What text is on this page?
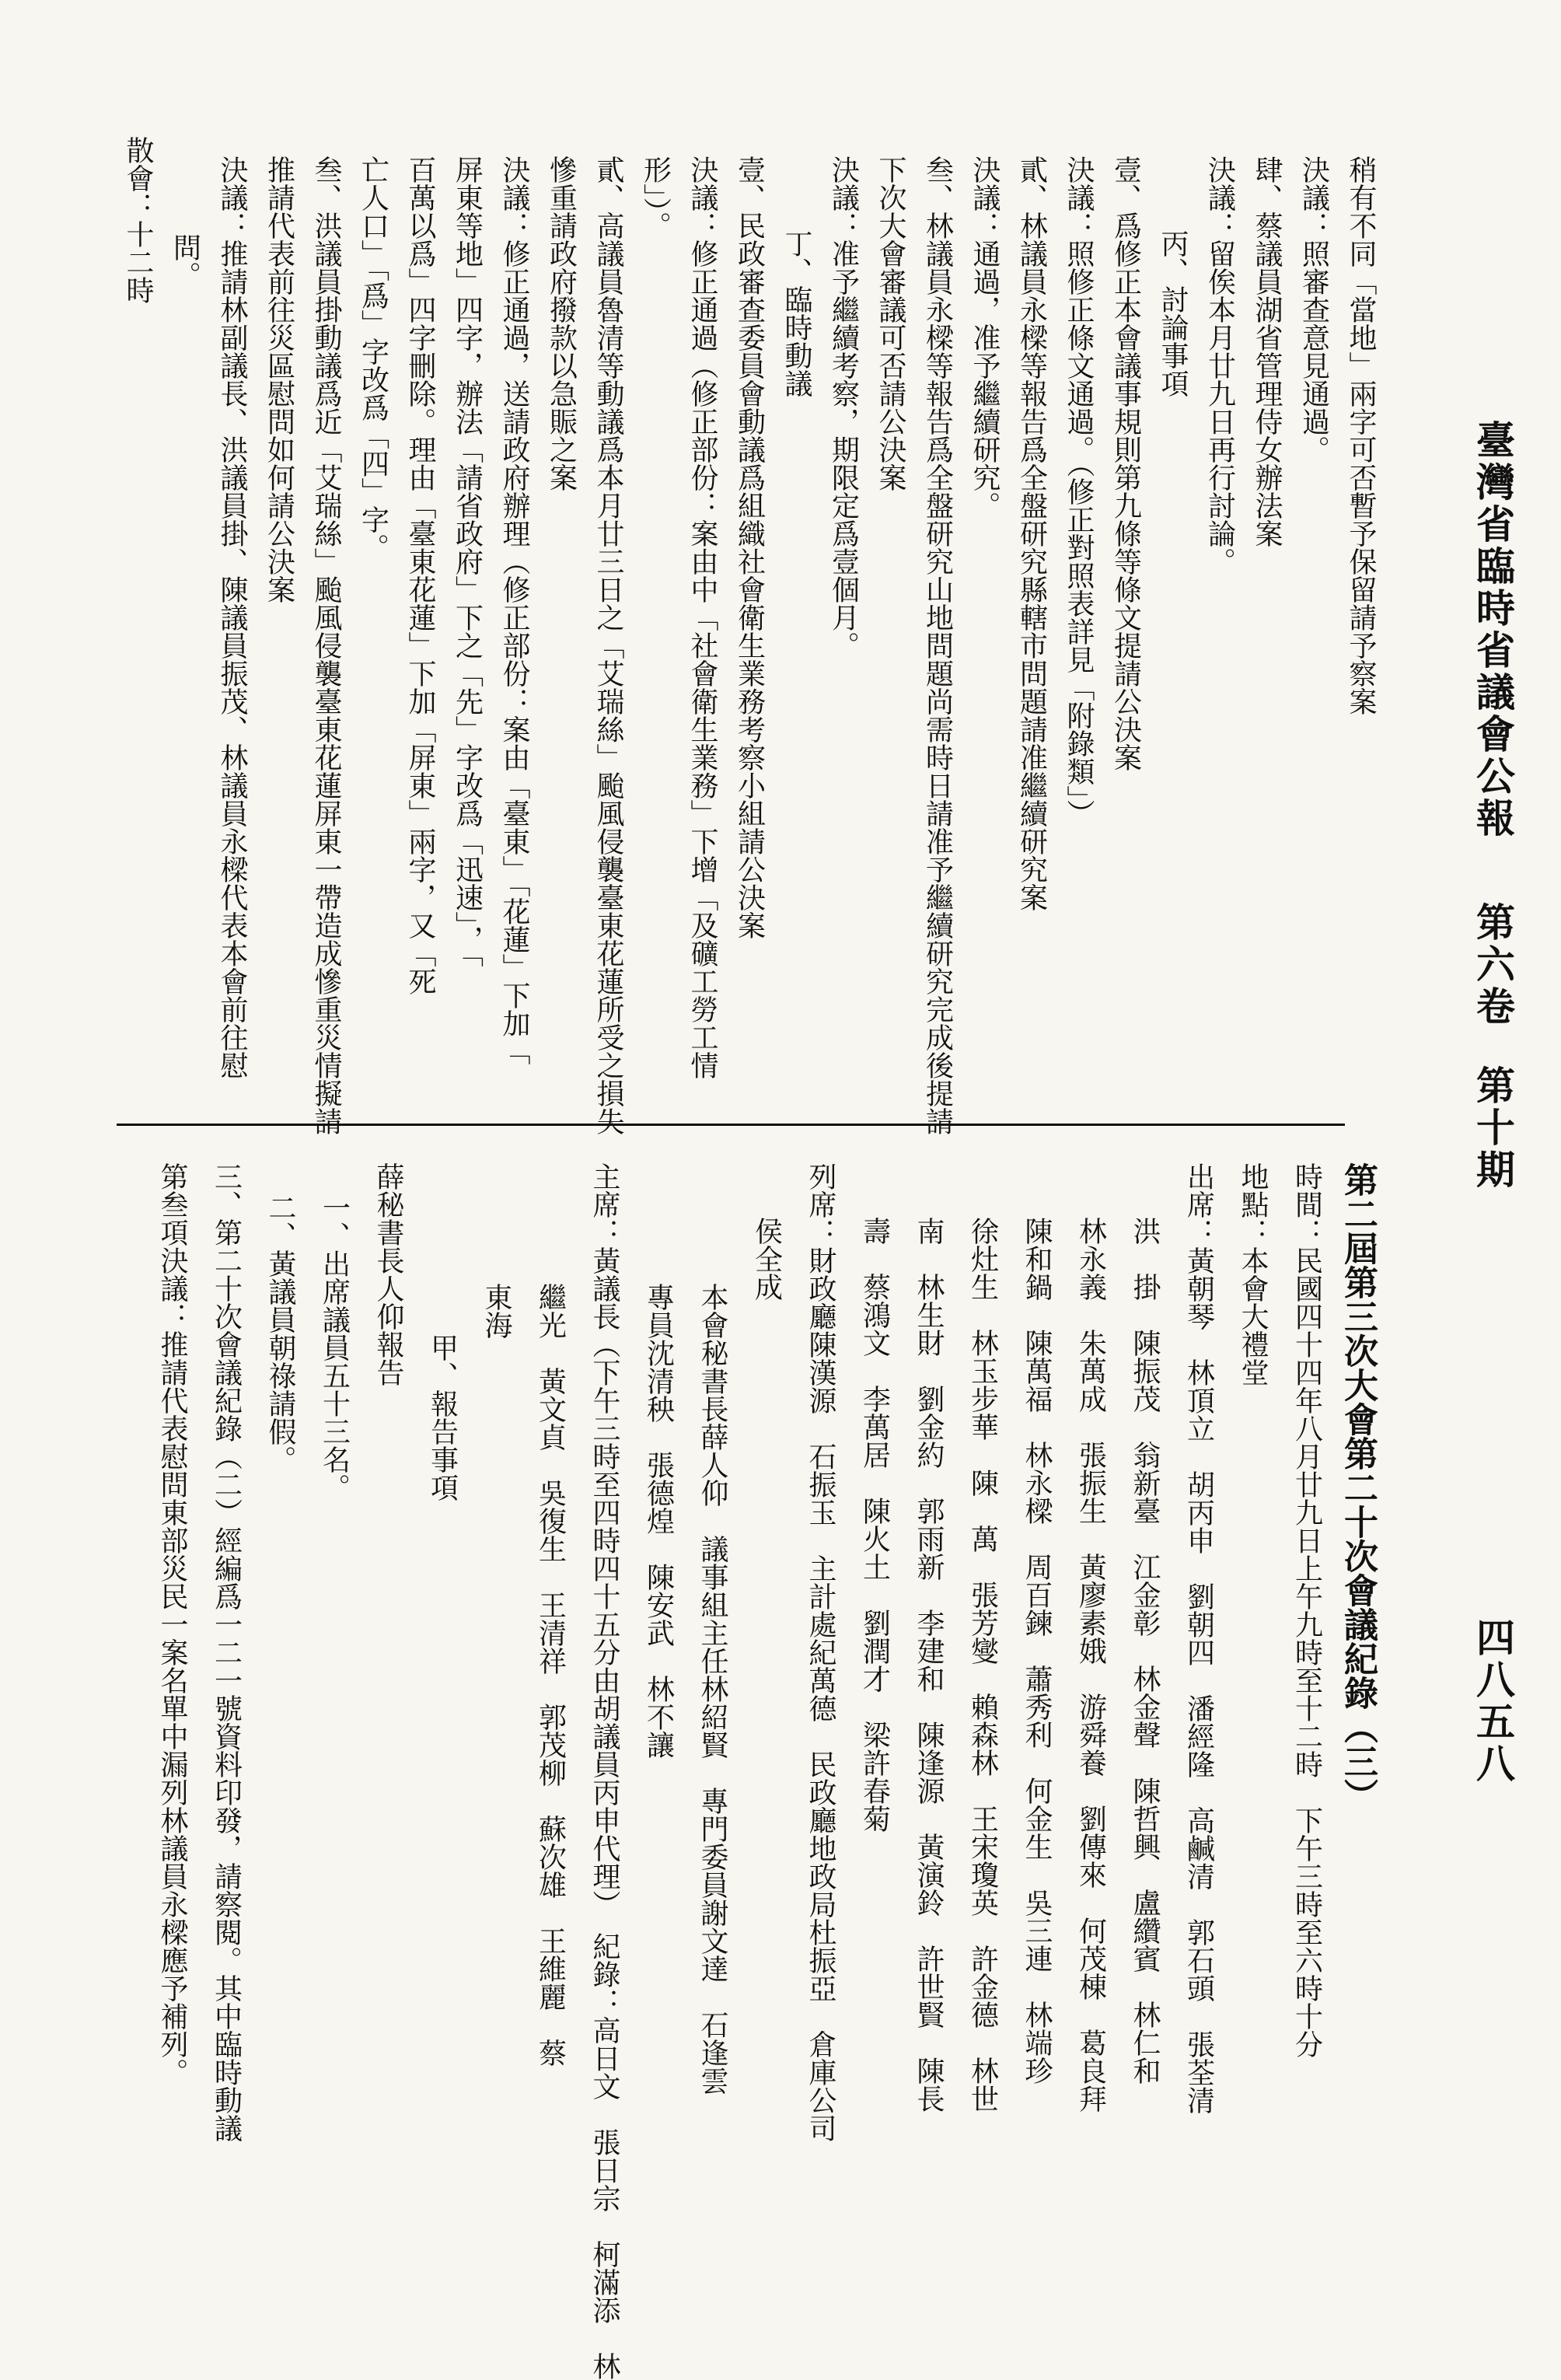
臺灣省臨時省議會公報
第六卷
第十期
四八五八
稍有不同「當地」兩字可否暫予保留請予察案
決議：照審查意見通過。
肆、蔡議員湖省管理侍女辦法案
決議：留俟本月廿九日再行討論。
丙、討論事項
壹、爲修正本會議事規則第九條等條文提請公決案
決議：照修正條文通過。（修正對照表詳見「附錄類」）
貳、林議員永樑等報告爲全盤研究縣轄市問題請准繼續研究案
決議：通過，准予繼續研究。
叁、林議員永樑等報告爲全盤研究山地問題尚需時日請准予繼續研究完成後提請
下次大會審議可否請公決案
決議：准予繼續考察，期限定爲壹個月。
丁、臨時動議
壹、民政審查委員會動議爲組織社會衛生業務考察小組請公決案
決議：修正通過（修正部份：案由中「社會衛生業務」下增「及礦工勞工情
形」）。
貳、高議員魯清等動議爲本月廿三日之「艾瑞絲」颱風侵襲臺東花蓮所受之損失
慘重請政府撥款以急賑之案
決議：修正通過，送請政府辦理（修正部份：案由「臺東」「花蓮」下加「
屏東等地」四字，辦法「請省政府」下之「先」字改爲「迅速」，「
百萬以爲」四字刪除。理由「臺東花蓮」下加「屏東」兩字，又「死
亡人口」「爲」字改爲「四」字。
叁、洪議員掛動議爲近「艾瑞絲」颱風侵襲臺東花蓮屏東一帶造成慘重災情擬請
推請代表前往災區慰問如何請公決案
決議：推請林副議長、洪議員掛、陳議員振茂、林議員永樑代表本會前往慰
問。
散會：十二時
第二屆第三次大會第二十次會議紀錄（三）
時間：民國四十四年八月廿九日上午九時至十二時　下午三時至六時十分
地點：本會大禮堂
出席：黃朝琴　林頂立　胡丙申　劉朝四　潘經隆　高鹹清　郭石頭　張荃清
洪　掛　陳振茂　翁新臺　江金彰　林金聲　陳哲興　盧纘賓　林仁和
林永義　朱萬成　張振生　黃廖素娥　游舜養　劉傳來　何茂棟　葛良拜
陳和鍋　陳萬福　林永樑　周百鍊　蕭秀利　何金生　吳三連　林端珍
徐灶生　林玉步華　陳　萬　張芳燮　賴森林　王宋瓊英　許金德　林世
南　林生財　劉金約　郭雨新　李建和　陳逢源　黃演鈴　許世賢　陳長
壽　蔡鴻文　李萬居　陳火土　劉潤才　梁許春菊
列席：財政廳陳漢源　石振玉　主計處紀萬德　民政廳地政局杜振亞　倉庫公司
侯全成
本會秘書長薛人仰　議事組主任林紹賢　專門委員謝文達　石逢雲
專員沈清秧　張德煌　陳安武　林不讓
主席：黃議長（下午三時至四時四十五分由胡議員丙申代理）　紀錄：高日文　張日宗　柯滿添　林
繼光　黃文貞　吳復生　王清祥　郭茂柳　蘇次雄　王維麗　蔡
東海
甲、報告事項
薛秘書長人仰報告
一、出席議員五十三名。
二、黃議員朝祿請假。
三、第二十次會議紀錄（二）經編爲一二一號資料印發，請察閱。其中臨時動議
第叁項決議：推請代表慰問東部災民一案名單中漏列林議員永樑應予補列。
